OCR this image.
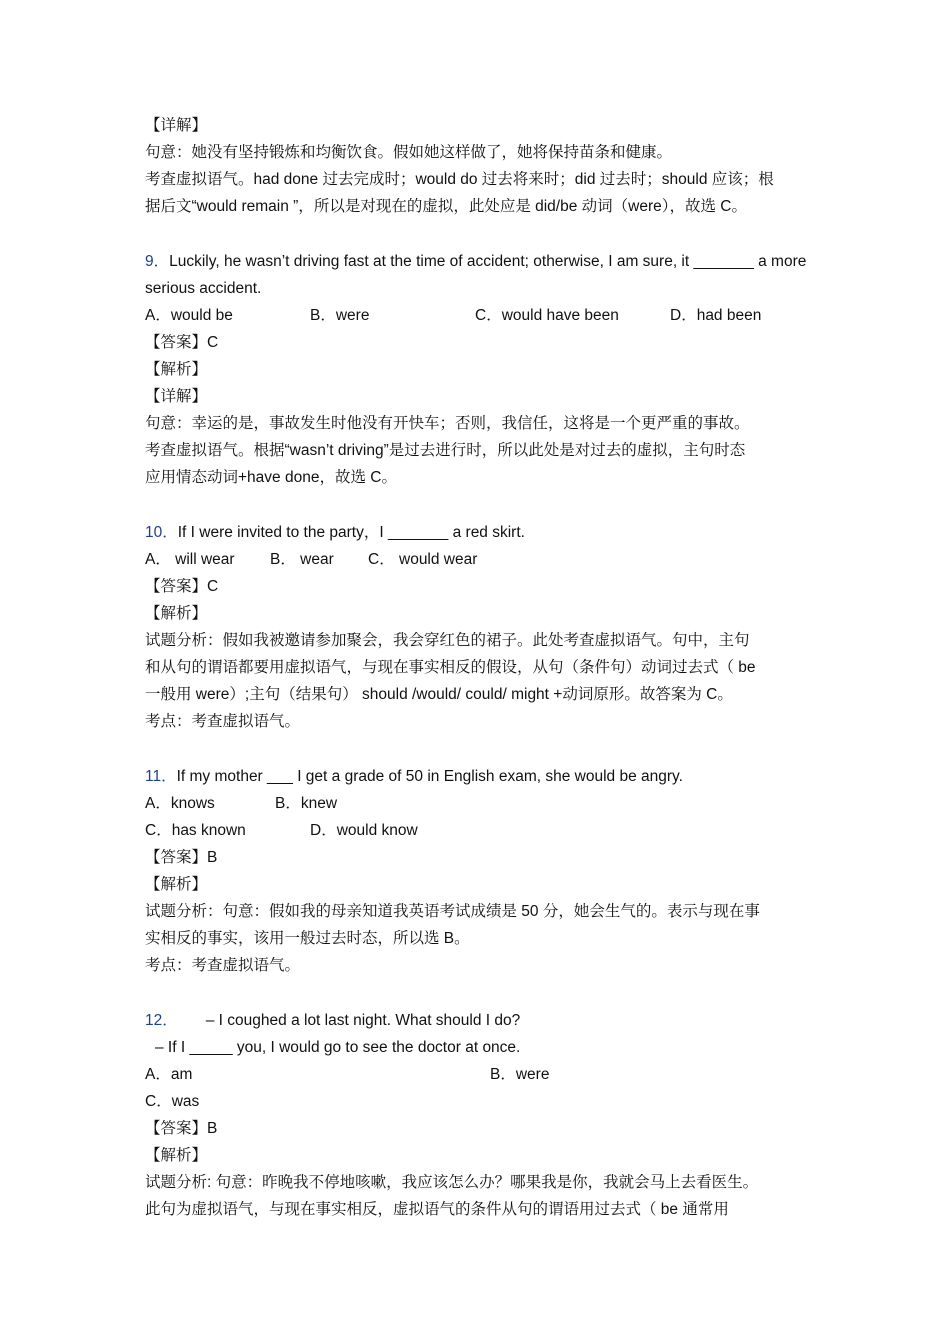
【详解】
句意：她没有坚持锻炼和均衡饮食。假如她这样做了，她将保持苗条和健康。
考查虚拟语气。had done 过去完成时；would do 过去将来时；did 过去时；should 应该；根
据后文“would remain ”，所以是对现在的虚拟，此处应是 did/be 动词（were），故选 C。
9．Luckily, he wasn’t driving fast at the time of accident; otherwise, I am sure, it _______ a more
serious accident.
A．would be	B．were	C．would have been	D．had been
【答案】C
【解析】
【详解】
句意：幸运的是，事故发生时他没有开快车；否则，我信任，这将是一个更严重的事故。
考查虚拟语气。根据“wasn’t driving”是过去进行时，所以此处是对过去的虚拟，主句时态
应用情态动词+have done，故选 C。
10．If I were invited to the party，I _______ a red skirt.
A． will wear B． wear C． would wear
【答案】C
【解析】
试题分析：假如我被邀请参加聚会，我会穿红色的裙子。此处考查虚拟语气。句中，主句
和从句的谓语都要用虚拟语气，与现在事实相反的假设，从句（条件句）动词过去式（ be
一般用 were）;主句（结果句） should /would/ could/ might +动词原形。故答案为 C。
考点：考查虚拟语气。
11．If my mother ___ I get a grade of 50 in English exam, she would be angry.
A．knows	B．knew
C．has known	D．would know
【答案】B
【解析】
试题分析：句意：假如我的母亲知道我英语考试成绩是 50 分，她会生气的。表示与现在事
实相反的事实，该用一般过去时态，所以选 B。
考点：考查虚拟语气。
12． – I coughed a lot last night. What should I do?
– If I _____ you, I would go to see the doctor at once.
A．am	B．were
C．was
【答案】B
【解析】
试题分析: 句意：昨晚我不停地咳嗽，我应该怎么办？哪果我是你，我就会马上去看医生。
此句为虚拟语气，与现在事实相反，虚拟语气的条件从句的谓语用过去式（ be 通常用
